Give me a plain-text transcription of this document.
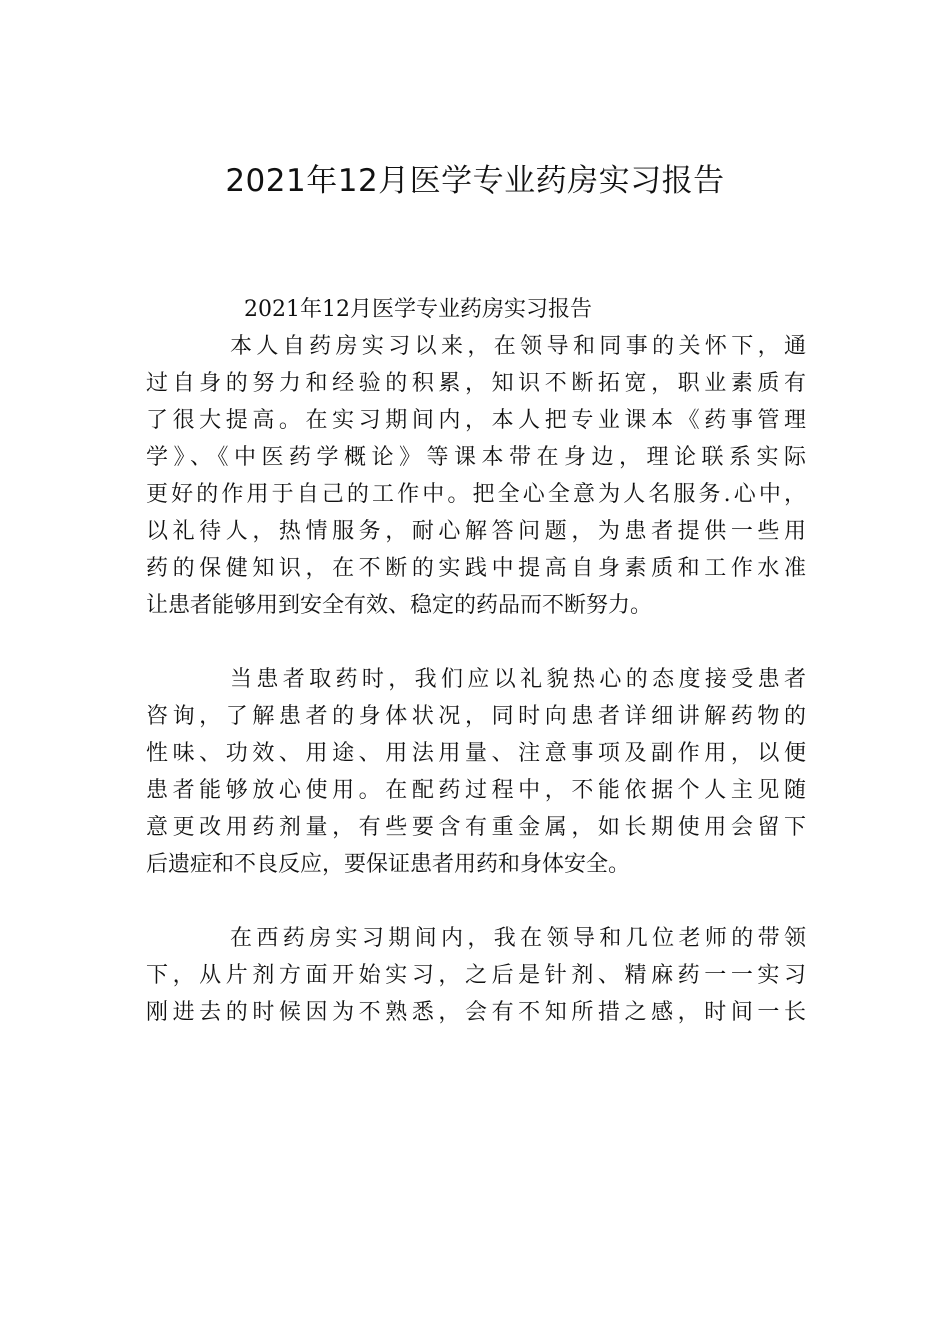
2021年12月医学专业药房实习报告
2021年12月医学专业药房实习报告
本人自药房实习以来，在领导和同事的关怀下，通
过自身的努力和经验的积累，知识不断拓宽，职业素质有
了很大提高。在实习期间内，本人把专业课本《药事管理
学》、《中医药学概论》等课本带在身边，理论联系实际
更好的作用于自己的工作中。把全心全意为人名服务.心中，
以礼待人，热情服务，耐心解答问题，为患者提供一些用
药的保健知识，在不断的实践中提高自身素质和工作水准
让患者能够用到安全有效、稳定的药品而不断努力。
当患者取药时，我们应以礼貌热心的态度接受患者
咨询，了解患者的身体状况，同时向患者详细讲解药物的
性味、功效、用途、用法用量、注意事项及副作用，以便
患者能够放心使用。在配药过程中，不能依据个人主见随
意更改用药剂量，有些要含有重金属，如长期使用会留下
后遗症和不良反应，要保证患者用药和身体安全。
在西药房实习期间内，我在领导和几位老师的带领
下，从片剂方面开始实习，之后是针剂、精麻药一一实习
刚进去的时候因为不熟悉，会有不知所措之感，时间一长
